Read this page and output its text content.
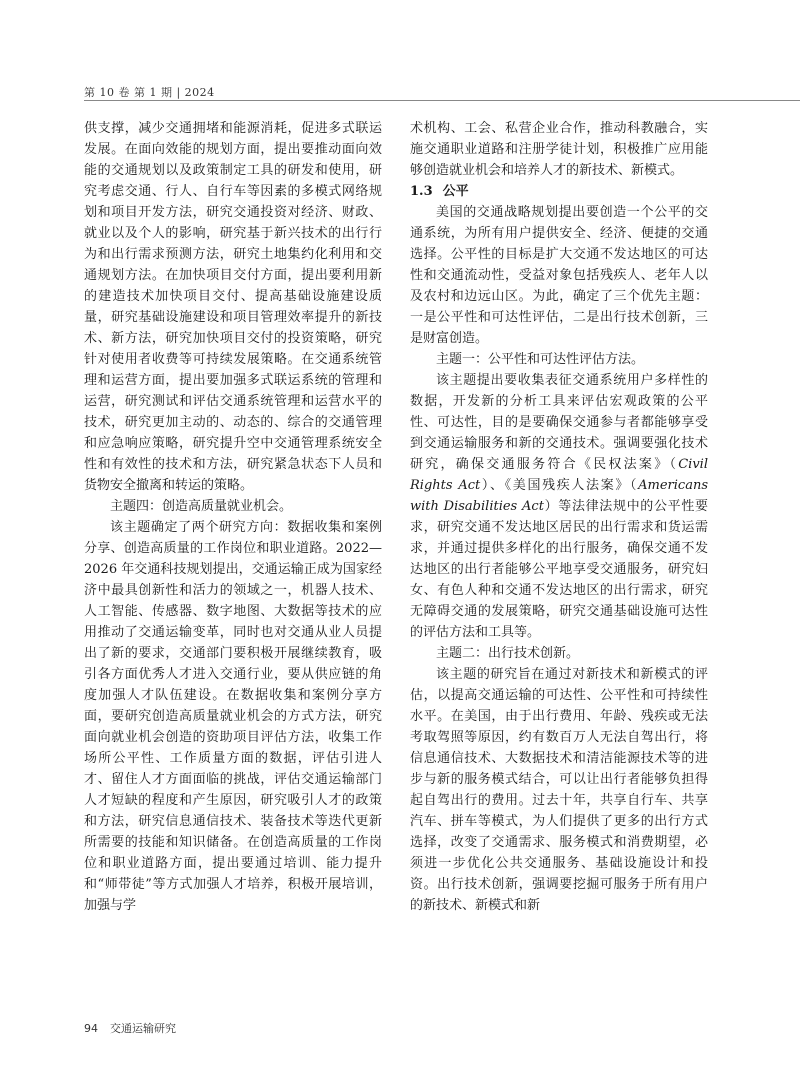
第 10 卷 第 1 期 | 2024

供支撑，减少交通拥堵和能源消耗，促进多式联运发展。在面向效能的规划方面，提出要推动面向效能的交通规划以及政策制定工具的研发和使用，研究考虑交通、行人、自行车等因素的多模式网络规划和项目开发方法，研究交通投资对经济、财政、就业以及个人的影响，研究基于新兴技术的出行行为和出行需求预测方法，研究土地集约化利用和交通规划方法。在加快项目交付方面，提出要利用新的建造技术加快项目交付、提高基础设施建设质量，研究基础设施建设和项目管理效率提升的新技术、新方法，研究加快项目交付的投资策略，研究针对使用者收费等可持续发展策略。在交通系统管理和运营方面，提出要加强多式联运系统的管理和运营，研究测试和评估交通系统管理和运营水平的技术，研究更加主动的、动态的、综合的交通管理和应急响应策略，研究提升空中交通管理系统安全性和有效性的技术和方法，研究紧急状态下人员和货物安全撤离和转运的策略。

主题四：创造高质量就业机会。

该主题确定了两个研究方向：数据收集和案例分享、创造高质量的工作岗位和职业道路。2022—2026 年交通科技规划提出，交通运输正成为国家经济中最具创新性和活力的领域之一，机器人技术、人工智能、传感器、数字地图、大数据等技术的应用推动了交通运输变革，同时也对交通从业人员提出了新的要求，交通部门要积极开展继续教育，吸引各方面优秀人才进入交通行业，要从供应链的角度加强人才队伍建设。在数据收集和案例分享方面，要研究创造高质量就业机会的方式方法，研究面向就业机会创造的资助项目评估方法，收集工作场所公平性、工作质量方面的数据，评估引进人才、留住人才方面面临的挑战，评估交通运输部门人才短缺的程度和产生原因，研究吸引人才的政策和方法，研究信息通信技术、装备技术等迭代更新所需要的技能和知识储备。在创造高质量的工作岗位和职业道路方面，提出要通过培训、能力提升和“师带徒”等方式加强人才培养，积极开展培训，加强与学

术机构、工会、私营企业合作，推动科教融合，实施交通职业道路和注册学徒计划，积极推广应用能够创造就业机会和培养人才的新技术、新模式。

1.3 公平

美国的交通战略规划提出要创造一个公平的交通系统，为所有用户提供安全、经济、便捷的交通选择。公平性的目标是扩大交通不发达地区的可达性和交通流动性，受益对象包括残疾人、老年人以及农村和边远山区。为此，确定了三个优先主题：一是公平性和可达性评估，二是出行技术创新，三是财富创造。

主题一：公平性和可达性评估方法。

该主题提出要收集表征交通系统用户多样性的数据，开发新的分析工具来评估宏观政策的公平性、可达性，目的是要确保交通参与者都能够享受到交通运输服务和新的交通技术。强调要强化技术研究，确保交通服务符合《民权法案》（Civil Rights Act）、《美国残疾人法案》（Americans with Disabilities Act）等法律法规中的公平性要求，研究交通不发达地区居民的出行需求和货运需求，并通过提供多样化的出行服务，确保交通不发达地区的出行者能够公平地享受交通服务，研究妇女、有色人种和交通不发达地区的出行需求，研究无障碍交通的发展策略，研究交通基础设施可达性的评估方法和工具等。

主题二：出行技术创新。

该主题的研究旨在通过对新技术和新模式的评估，以提高交通运输的可达性、公平性和可持续性水平。在美国，由于出行费用、年龄、残疾或无法考取驾照等原因，约有数百万人无法自驾出行，将信息通信技术、大数据技术和清洁能源技术等的进步与新的服务模式结合，可以让出行者能够负担得起自驾出行的费用。过去十年，共享自行车、共享汽车、拼车等模式，为人们提供了更多的出行方式选择，改变了交通需求、服务模式和消费期望，必须进一步优化公共交通服务、基础设施设计和投资。出行技术创新，强调要挖掘可服务于所有用户的新技术、新模式和新

94 交通运输研究
